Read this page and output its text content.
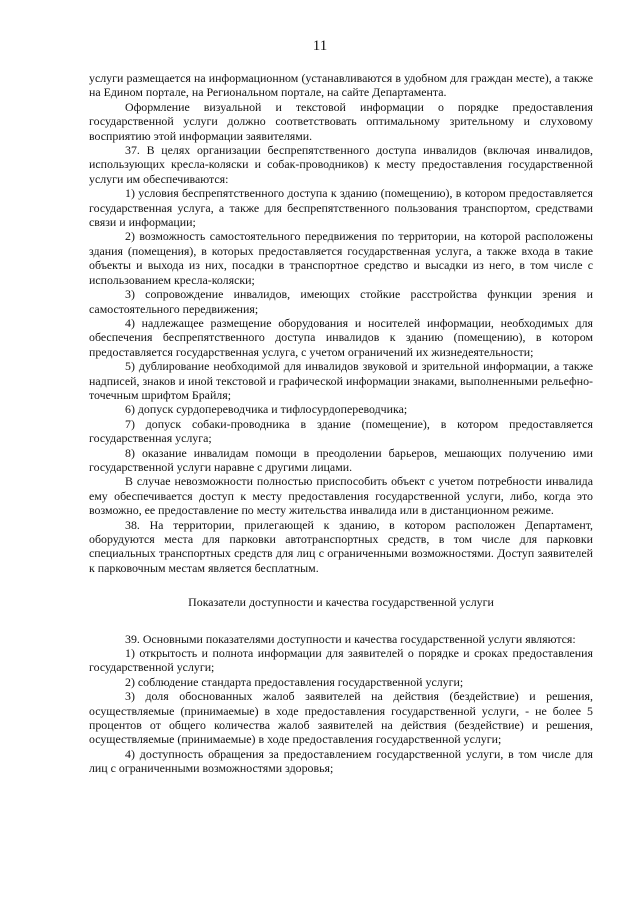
11

услуги размещается на информационном (устанавливаются в удобном для граждан месте), а также на Едином портале, на Региональном портале, на сайте Департамента.

Оформление визуальной и текстовой информации о порядке предоставления государственной услуги должно соответствовать оптимальному зрительному и слуховому восприятию этой информации заявителями.

37. В целях организации беспрепятственного доступа инвалидов (включая инвалидов, использующих кресла-коляски и собак-проводников) к месту предоставления государственной услуги им обеспечиваются:

1) условия беспрепятственного доступа к зданию (помещению), в котором предоставляется государственная услуга, а также для беспрепятственного пользования транспортом, средствами связи и информации;

2) возможность самостоятельного передвижения по территории, на которой расположены здания (помещения), в которых предоставляется государственная услуга, а также входа в такие объекты и выхода из них, посадки в транспортное средство и высадки из него, в том числе с использованием кресла-коляски;

3) сопровождение инвалидов, имеющих стойкие расстройства функции зрения и самостоятельного передвижения;

4) надлежащее размещение оборудования и носителей информации, необходимых для обеспечения беспрепятственного доступа инвалидов к зданию (помещению), в котором предоставляется государственная услуга, с учетом ограничений их жизнедеятельности;

5) дублирование необходимой для инвалидов звуковой и зрительной информации, а также надписей, знаков и иной текстовой и графической информации знаками, выполненными рельефно-точечным шрифтом Брайля;

6) допуск сурдопереводчика и тифлосурдопереводчика;

7) допуск собаки-проводника в здание (помещение), в котором предоставляется государственная услуга;

8) оказание инвалидам помощи в преодолении барьеров, мешающих получению ими государственной услуги наравне с другими лицами.

В случае невозможности полностью приспособить объект с учетом потребности инвалида ему обеспечивается доступ к месту предоставления государственной услуги, либо, когда это возможно, ее предоставление по месту жительства инвалида или в дистанционном режиме.

38. На территории, прилегающей к зданию, в котором расположен Департамент, оборудуются места для парковки автотранспортных средств, в том числе для парковки специальных транспортных средств для лиц с ограниченными возможностями. Доступ заявителей к парковочным местам является бесплатным.

Показатели доступности и качества государственной услуги

39. Основными показателями доступности и качества государственной услуги являются:

1) открытость и полнота информации для заявителей о порядке и сроках предоставления государственной услуги;

2) соблюдение стандарта предоставления государственной услуги;

3) доля обоснованных жалоб заявителей на действия (бездействие) и решения, осуществляемые (принимаемые) в ходе предоставления государственной услуги, - не более 5 процентов от общего количества жалоб заявителей на действия (бездействие) и решения, осуществляемые (принимаемые) в ходе предоставления государственной услуги;

4) доступность обращения за предоставлением государственной услуги, в том числе для лиц с ограниченными возможностями здоровья;
